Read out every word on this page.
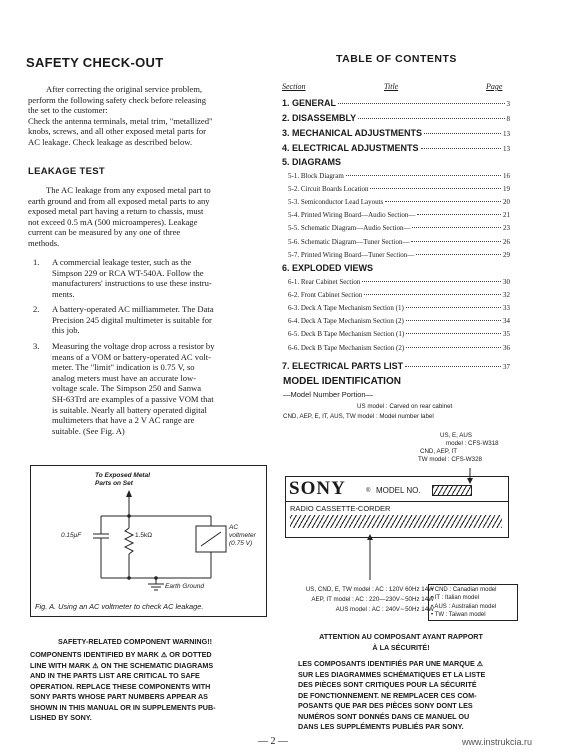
SAFETY CHECK-OUT
After correcting the original service problem,
perform the following safety check before releasing
the set to the customer:
Check the antenna terminals, metal trim, "metallized"
knobs, screws, and all other exposed metal parts for
AC leakage. Check leakage as described below.
LEAKAGE TEST
The AC leakage from any exposed metal part to
earth ground and from all exposed metal parts to any
exposed metal part having a return to chassis, must
not exceed 0.5 mA (500 microamperes). Leakage
current can be measured by any one of three
methods.
1. A commercial leakage tester, such as the
Simpson 229 or RCA WT-540A. Follow the
manufacturers' instructions to use these instru-
ments.
2. A battery-operated AC milliammeter. The Data
Precision 245 digital multimeter is suitable for
this job.
3. Measuring the voltage drop across a resistor by
means of a VOM or battery-operated AC volt-
meter. The "limit" indication is 0.75 V, so
analog meters must have an accurate low-
voltage scale. The Simpson 250 and Sanwa
SH-63Trd are examples of a passive VOM that
is suitable. Nearly all battery operated digital
multimeters that have a 2 V AC range are
suitable. (See Fig. A)
To Exposed Metal
Parts on Set
0.15μF	1.5kΩ
AC
voltmeter
(0.75 V)
Earth Ground
Fig. A. Using an AC voltmeter to check AC leakage.
SAFETY-RELATED COMPONENT WARNING!!
COMPONENTS IDENTIFIED BY MARK ⚠ OR DOTTED
LINE WITH MARK ⚠ ON THE SCHEMATIC DIAGRAMS
AND IN THE PARTS LIST ARE CRITICAL TO SAFE
OPERATION. REPLACE THESE COMPONENTS WITH
SONY PARTS WHOSE PART NUMBERS APPEAR AS
SHOWN IN THIS MANUAL OR IN SUPPLEMENTS PUB-
LISHED BY SONY.
TABLE OF CONTENTS
Section	Title	Page
1. GENERAL	3
2. DISASSEMBLY	8
3. MECHANICAL ADJUSTMENTS	13
4. ELECTRICAL ADJUSTMENTS	13
5. DIAGRAMS
5-1. Block Diagram	16
5-2. Circuit Boards Location	19
5-3. Semiconductor Lead Layouts	20
5-4. Printed Wiring Board—Audio Section—	21
5-5. Schematic Diagram—Audio Section—	23
5-6. Schematic Diagram—Tuner Section—	26
5-7. Printed Wiring Board—Tuner Section—	29
6. EXPLODED VIEWS
6-1. Rear Cabinet Section	30
6-2. Front Cabinet Section	32
6-3. Deck A Tape Mechanism Section (1)	33
6-4. Deck A Tape Mechanism Section (2)	34
6-5. Deck B Tape Mechanism Section (1)	35
6-6. Deck B Tape Mechanism Section (2)	36
7. ELECTRICAL PARTS LIST	37
MODEL IDENTIFICATION
—Model Number Portion—
US model : Carved on rear cabinet
CND, AEP, E, IT, AUS, TW model : Model number label
US, E, AUS
model : CFS-W318
CND, AEP, IT
TW model : CFS-W328
SONY	® MODEL NO.
RADIO CASSETTE-CORDER
US, CND, E, TW model : AC : 120V 60Hz 14W
AEP, IT model : AC : 220—230V∼50Hz 14W
AUS model : AC : 240V∼50Hz 14W
• CND : Canadian model
• IT : Italian model
• AUS : Australian model
• TW : Taiwan model
ATTENTION AU COMPOSANT AYANT RAPPORT
À LA SÉCURITÉ!
LES COMPOSANTS IDENTIFIÉS PAR UNE MARQUE ⚠
SUR LES DIAGRAMMES SCHÉMATIQUES ET LA LISTE
DES PIÈCES SONT CRITIQUES POUR LA SÉCURITÉ
DE FONCTIONNEMENT. NE REMPLACER CES COM-
POSANTS QUE PAR DES PIÈCES SONY DONT LES
NUMÉROS SONT DONNÉS DANS CE MANUEL OU
DANS LES SUPPLÉMENTS PUBLIÉS PAR SONY.
— 2 —	www.instrukcia.ru
